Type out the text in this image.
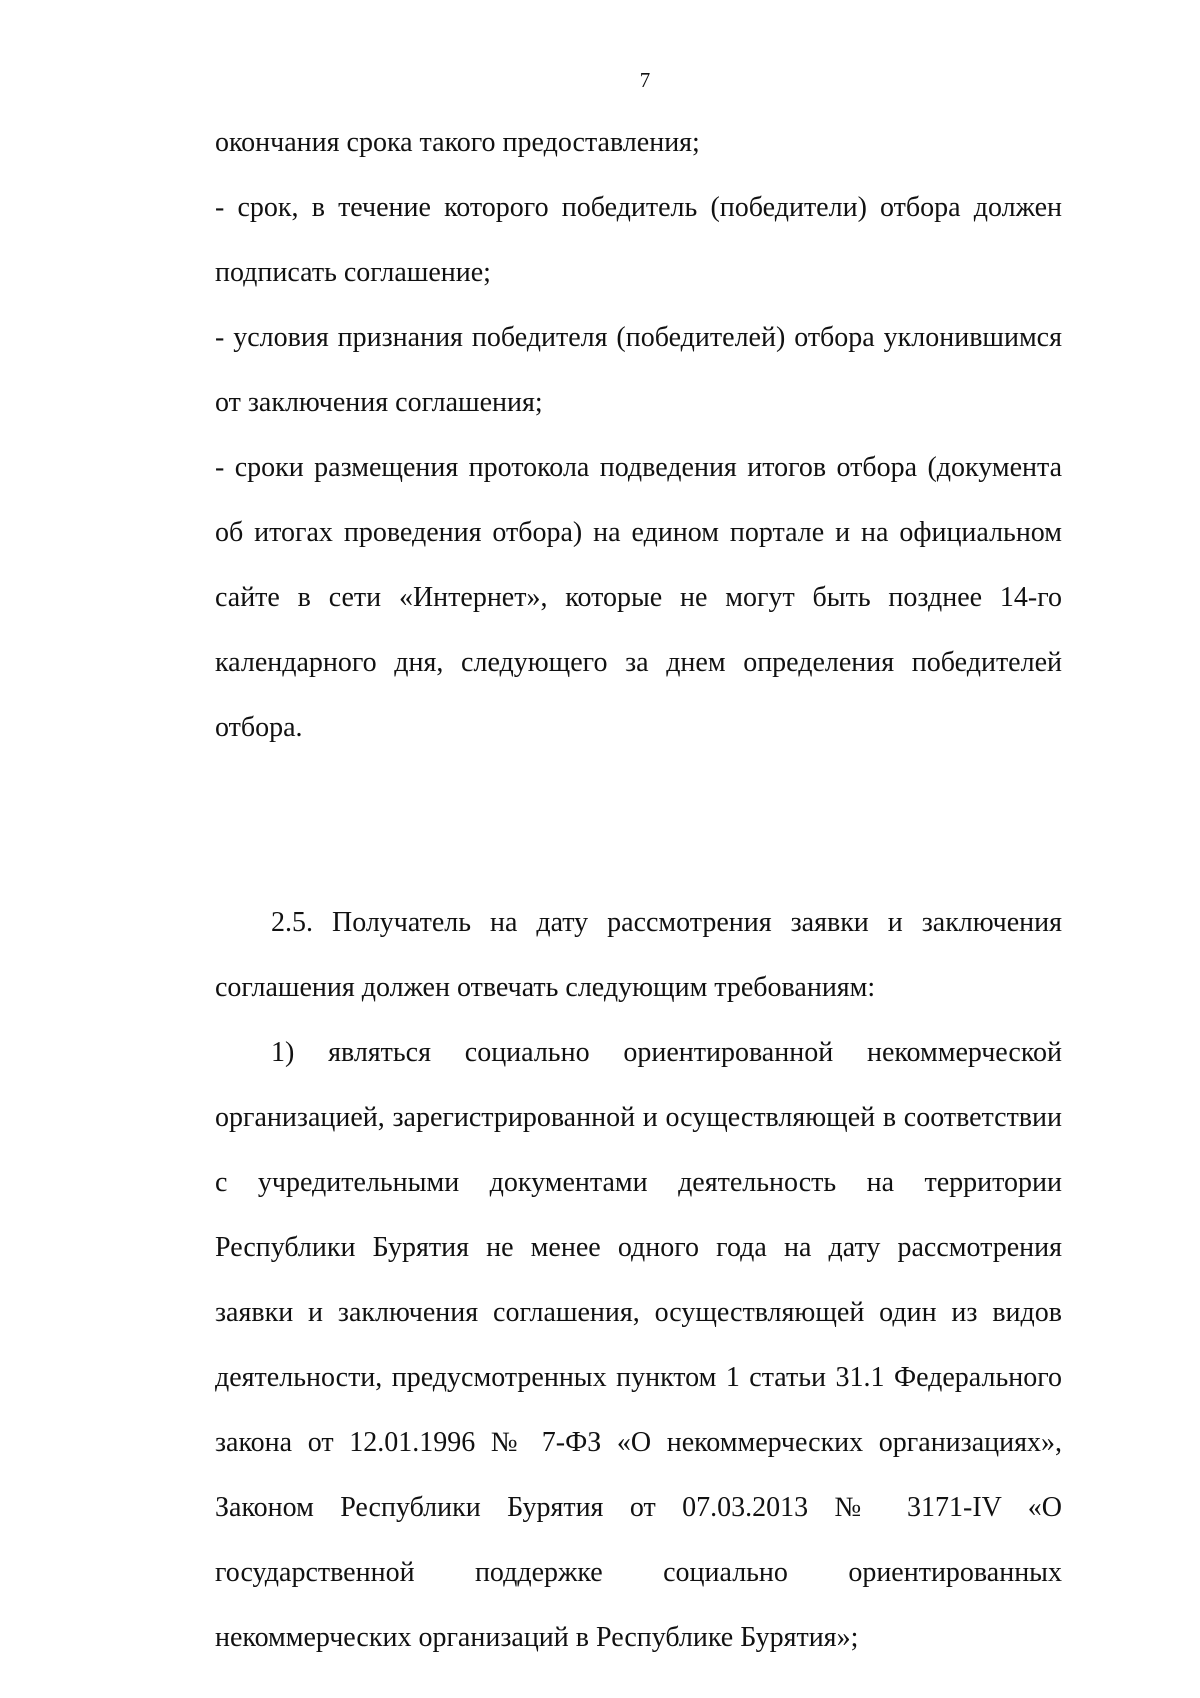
7

окончания срока такого предоставления;

- срок, в течение которого победитель (победители) отбора должен подписать соглашение;

- условия признания победителя (победителей) отбора уклонившимся от заключения соглашения;

- сроки размещения протокола подведения итогов отбора (документа об итогах проведения отбора) на едином портале и на официальном сайте в сети «Интернет», которые не могут быть позднее 14-го календарного дня, следующего за днем определения победителей отбора.

2.5. Получатель на дату рассмотрения заявки и заключения соглашения должен отвечать следующим требованиям:

1) являться социально ориентированной некоммерческой организацией, зарегистрированной и осуществляющей в соответствии с учредительными документами деятельность на территории Республики Бурятия не менее одного года на дату рассмотрения заявки и заключения соглашения, осуществляющей один из видов деятельности, предусмотренных пунктом 1 статьи 31.1 Федерального закона от 12.01.1996 № 7-ФЗ «О некоммерческих организациях», Законом Республики Бурятия от 07.03.2013 № 3171-IV «О государственной поддержке социально ориентированных некоммерческих организаций в Республике Бурятия»;
